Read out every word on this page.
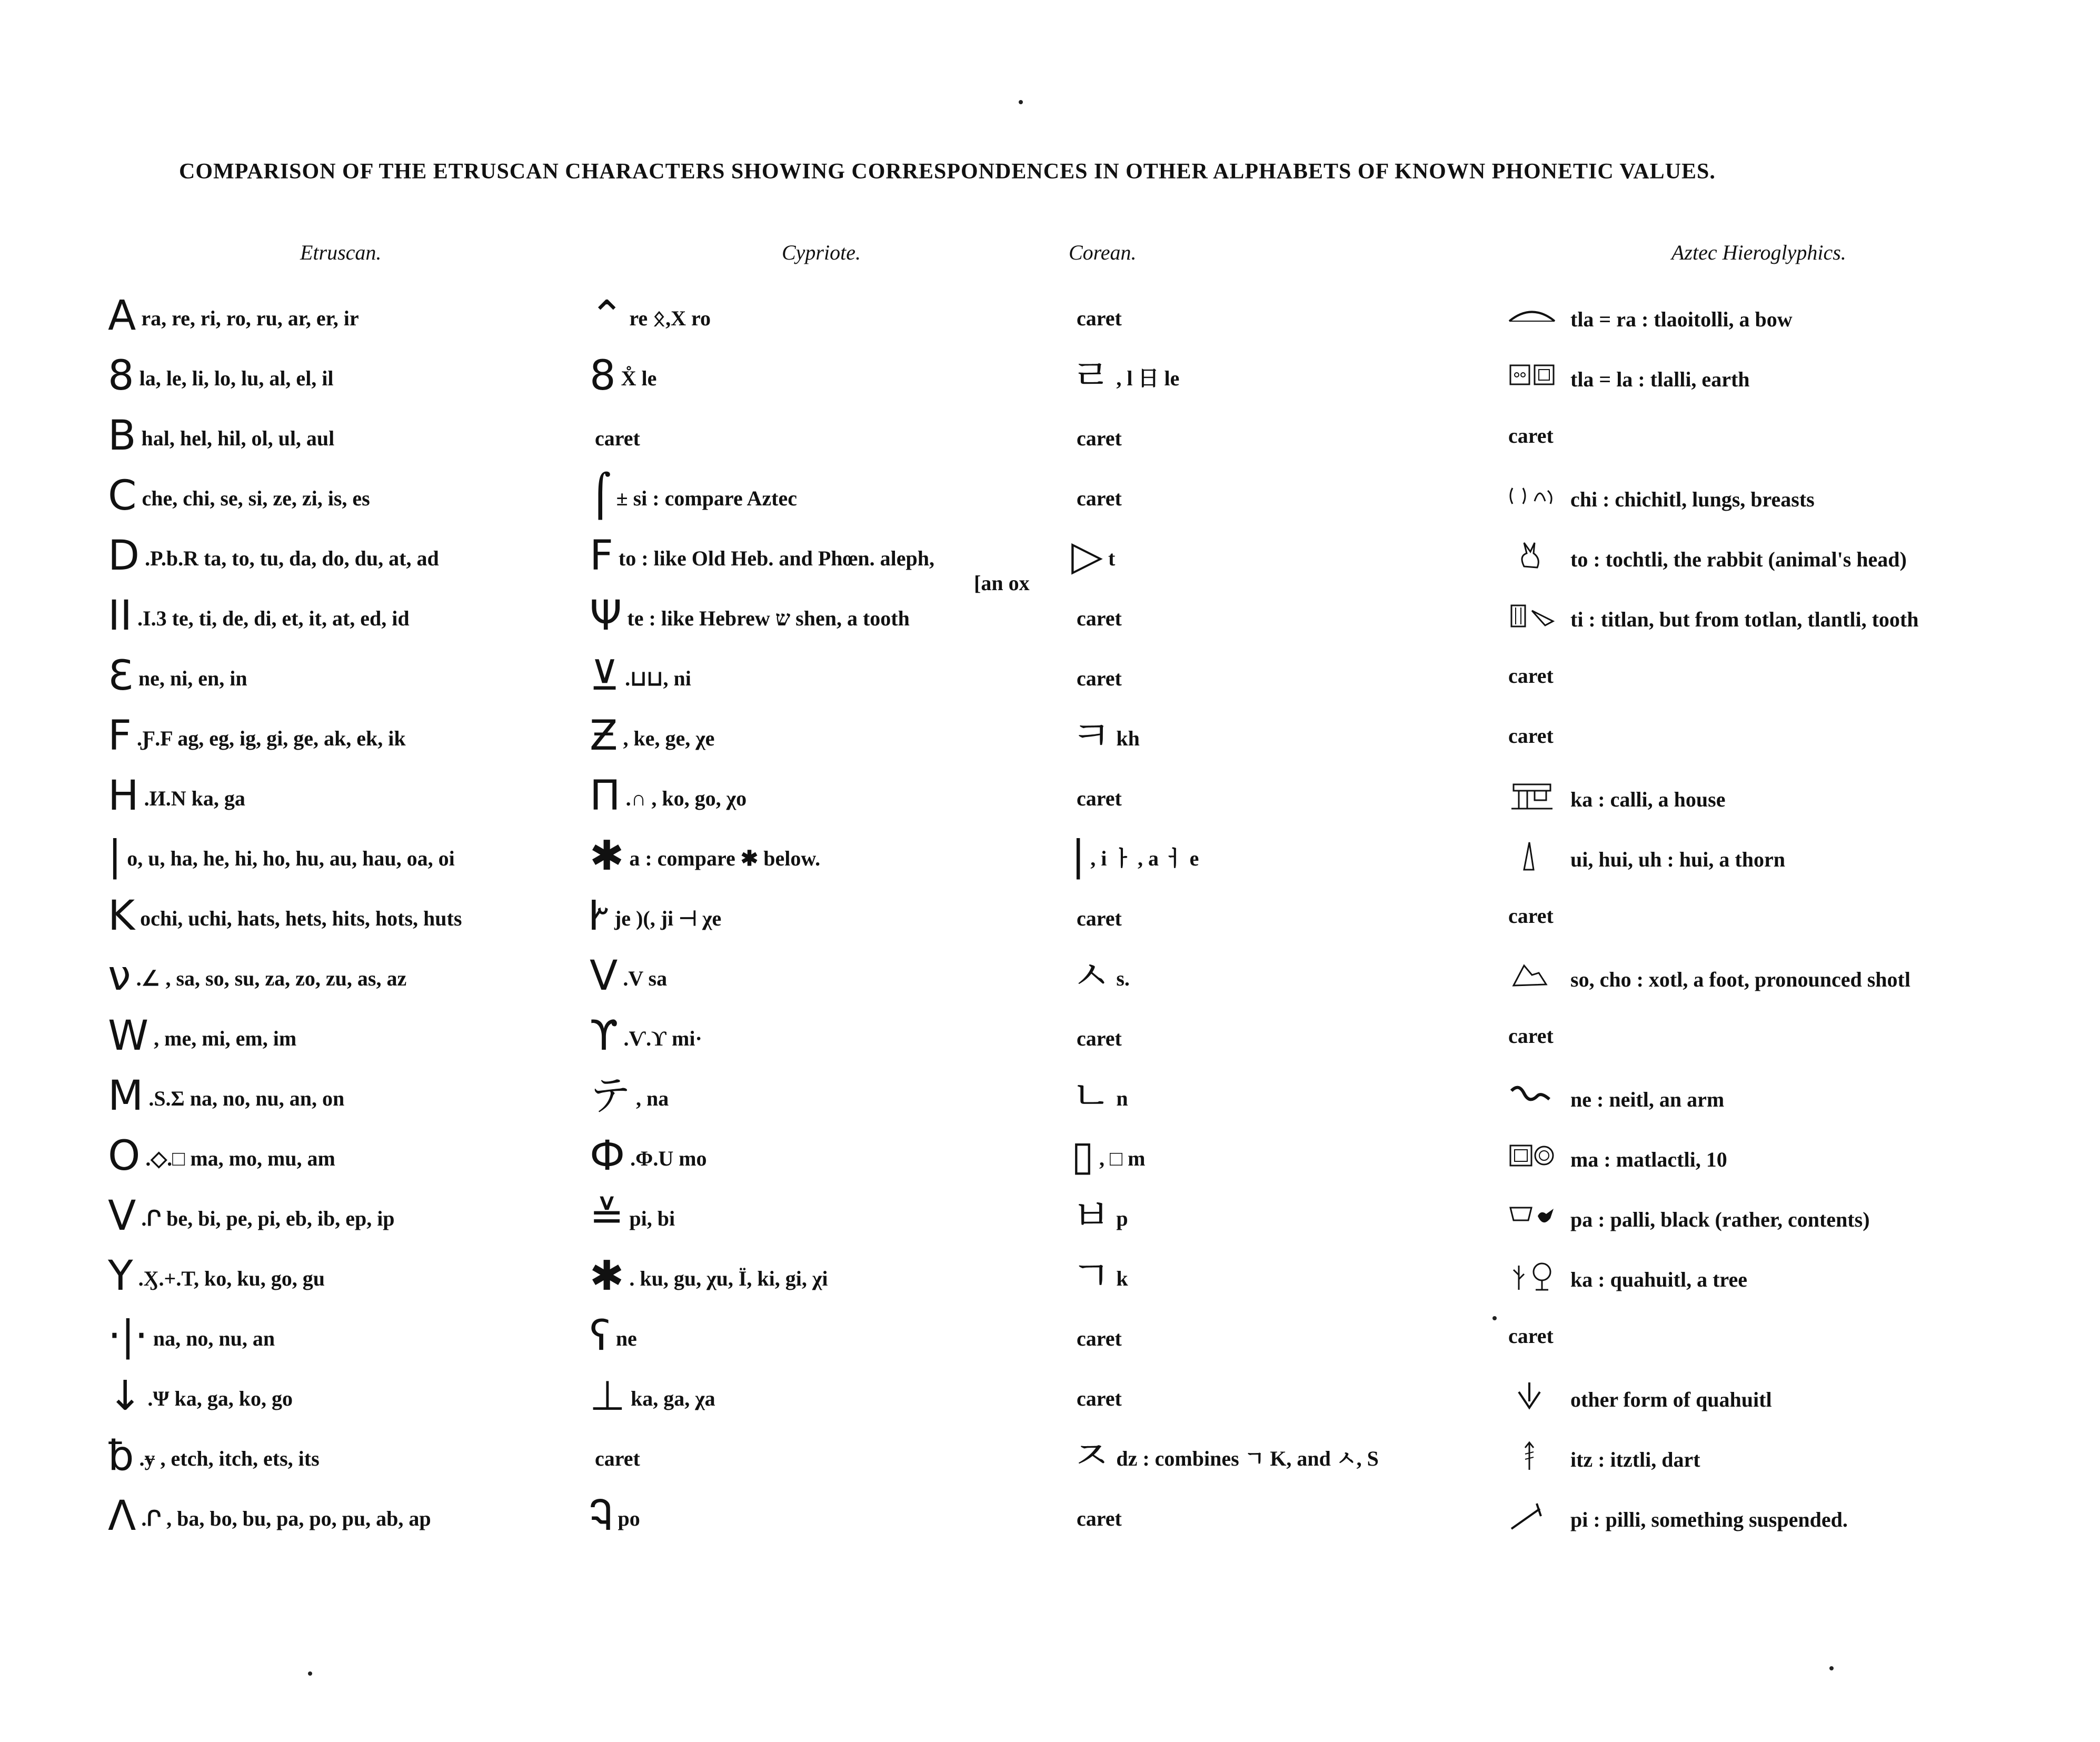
COMPARISON OF THE ETRUSCAN CHARACTERS SHOWING CORRESPONDENCES IN OTHER ALPHABETS OF KNOWN PHONETIC VALUES.
Etruscan.	Cypriote.	Corean.	Aztec Hieroglyphics.
Ara, re, ri, ro, ru, ar, er, ir	⌃ re ᛟ,X ro	caret	tla = ra : tlaoitolli, a bow
8 la, le, li, lo, lu, al, el, il	8 X̊ le	ㄹ , l 日 le	tla = la : tlalli, earth
Bhal, hel, hil, ol, ul, aul	caret	caret	caret
Cche, chi, se, si, ze, zi, is, es	⌠ ± si : compare Aztec	caret	chi : chichitl, lungs, breasts
D .P.b.R ta, to, tu, da, do, du, at, ad	Fto : like Old Heb. and Phœn. aleph,	▷ t	to : tochtli, the rabbit (animal's head)
[an ox
II .I.3 te, ti, de, di, et, it, at, ed, id	Ψte : like Hebrew ש shen, a tooth	caret	ti : titlan, but from totlan, tlantli, tooth
Ɛne, ni, en, in	⊻ .⊔⊔, ni	caret	caret
F .Ƒ.F ag, eg, ig, gi, ge, ak, ek, ik	Ƶ , ke, ge, χe	ㅋkh	caret
H .И.N ka, ga	Π .∩ , ko, go, χo	caret	ka : calli, a house
| o, u, ha, he, hi, ho, hu, au, hau, oa, oi	✱ a : compare ✱ below.	| , i ㅏ , a ㅓ e	ui, hui, uh : hui, a thorn
Kochi, uchi, hats, hets, hits, hots, huts	Ꭸje )(, ji ⊣ χe	caret	caret
ν .∠ , sa, so, su, za, zo, zu, as, az	V .V sa	ㅅs.	so, cho : xotl, a foot, pronounced shotl
W , me, mi, em, im	ϒ .Ѵ.ϒ mi·	caret	caret
M .S.Σ na, no, nu, an, on	テ , na	ㄴn	ne : neitl, an arm
O .◇.□ ma, mo, mu, am	Ф .Φ.U mo	▯ , □ m	ma : matlactli, 10
V .Ր be, bi, pe, pi, eb, ib, ep, ip	≚ pi, bi	ㅂp	pa : palli, black (rather, contents)
Y .Ӽ.+.T, ko, ku, go, gu	✱ . ku, gu, χu, Ϊ, ki, gi, χi	ㄱk	ka : quahuitl, a tree
·|· na, no, nu, an	ʕne	caret	caret
↓ .Ψ ka, ga, ko, go	⊥ ka, ga, χa	caret	other form of quahuitl
ƀ .ɏ , etch, itch, ets, its	caret	ㅈdz : combines ㄱ K, and ㅅ, S	itz : itztli, dart
Λ .Ր , ba, bo, bu, pa, po, pu, ab, ap	Ꮈpo	caret	pi : pilli, something suspended.
